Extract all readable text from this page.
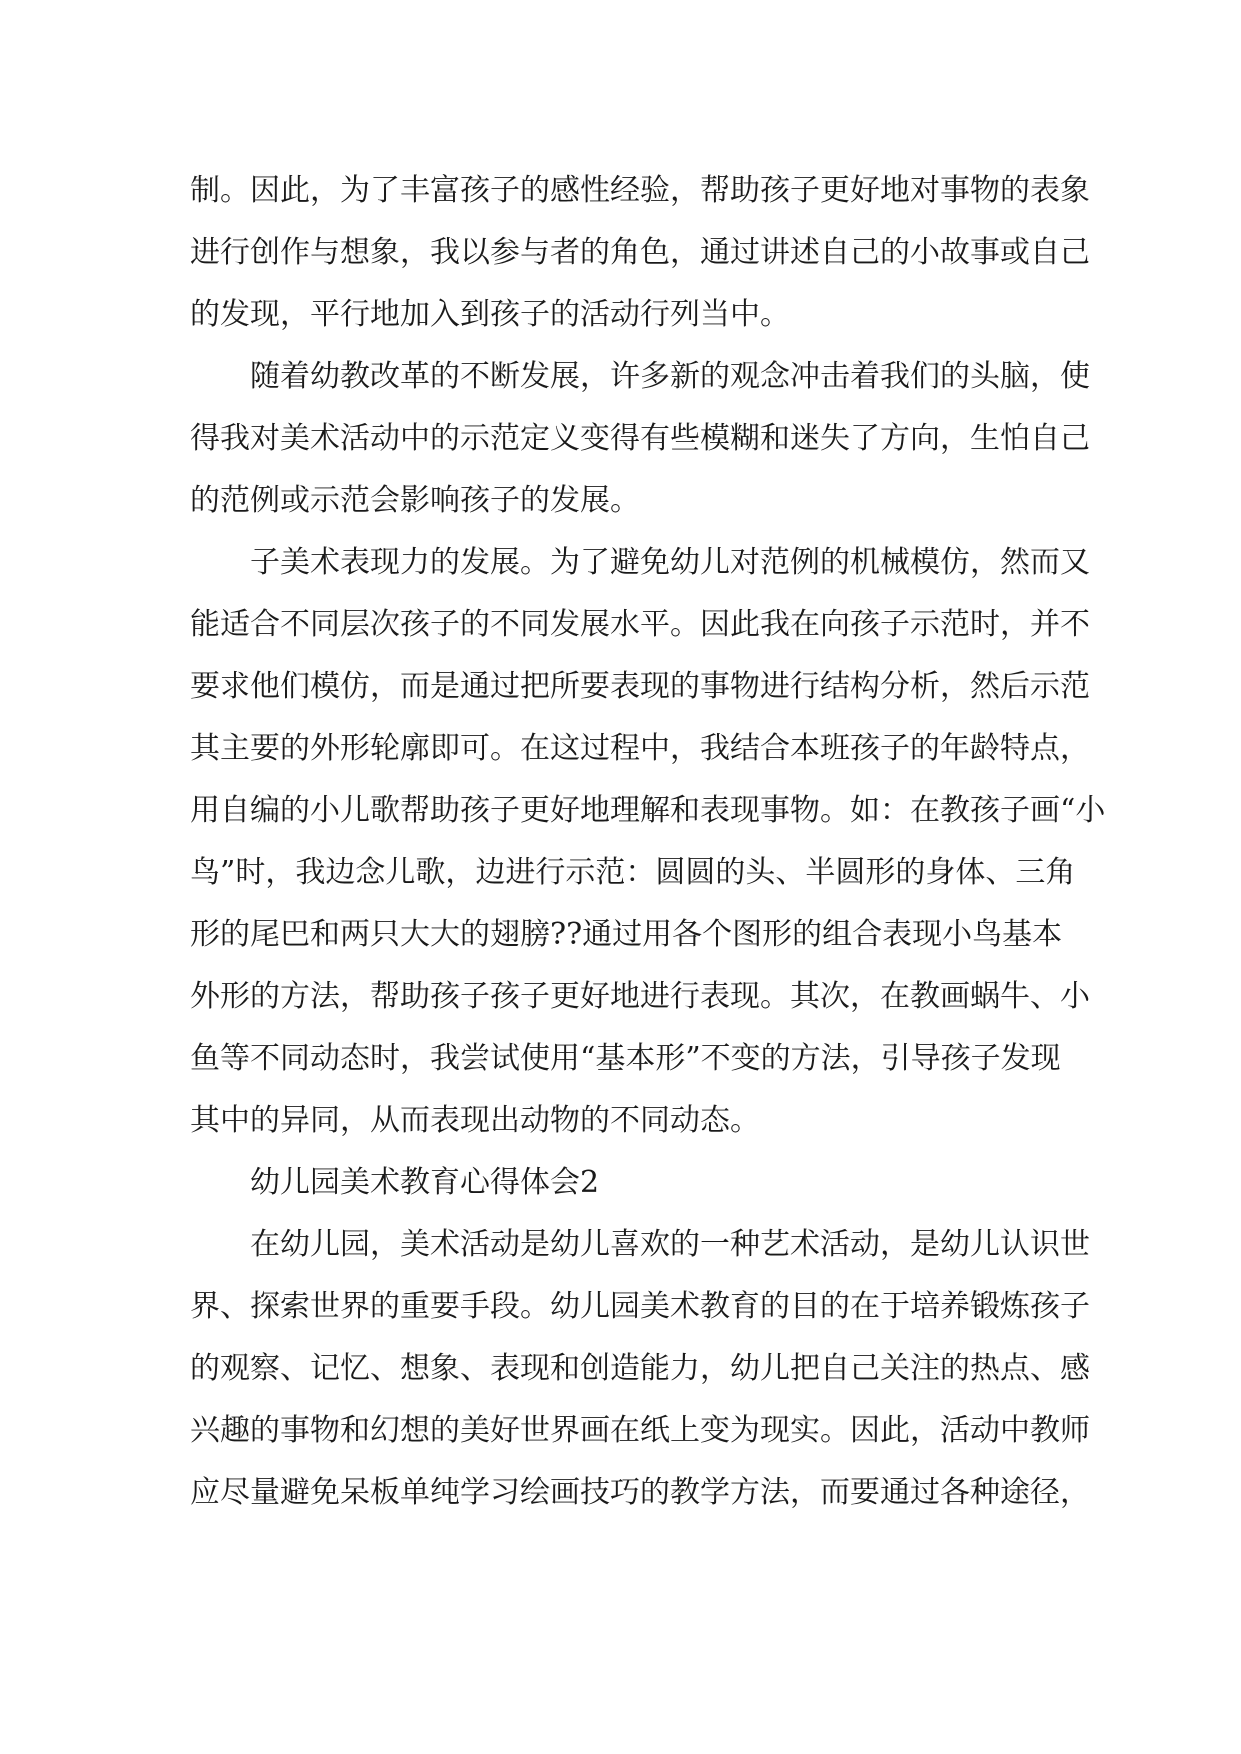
制。因此，为了丰富孩子的感性经验，帮助孩子更好地对事物的表象
进行创作与想象，我以参与者的角色，通过讲述自己的小故事或自己
的发现，平行地加入到孩子的活动行列当中。
随着幼教改革的不断发展，许多新的观念冲击着我们的头脑，使
得我对美术活动中的示范定义变得有些模糊和迷失了方向，生怕自己
的范例或示范会影响孩子的发展。
子美术表现力的发展。为了避免幼儿对范例的机械模仿，然而又
能适合不同层次孩子的不同发展水平。因此我在向孩子示范时，并不
要求他们模仿，而是通过把所要表现的事物进行结构分析，然后示范
其主要的外形轮廓即可。在这过程中，我结合本班孩子的年龄特点，
用自编的小儿歌帮助孩子更好地理解和表现事物。如：在教孩子画“小
鸟”时，我边念儿歌，边进行示范：圆圆的头、半圆形的身体、三角
形的尾巴和两只大大的翅膀??通过用各个图形的组合表现小鸟基本
外形的方法，帮助孩子孩子更好地进行表现。其次，在教画蜗牛、小
鱼等不同动态时，我尝试使用“基本形”不变的方法，引导孩子发现
其中的异同，从而表现出动物的不同动态。
幼儿园美术教育心得体会2
在幼儿园，美术活动是幼儿喜欢的一种艺术活动，是幼儿认识世
界、探索世界的重要手段。幼儿园美术教育的目的在于培养锻炼孩子
的观察、记忆、想象、表现和创造能力，幼儿把自己关注的热点、感
兴趣的事物和幻想的美好世界画在纸上变为现实。因此，活动中教师
应尽量避免呆板单纯学习绘画技巧的教学方法，而要通过各种途径，
